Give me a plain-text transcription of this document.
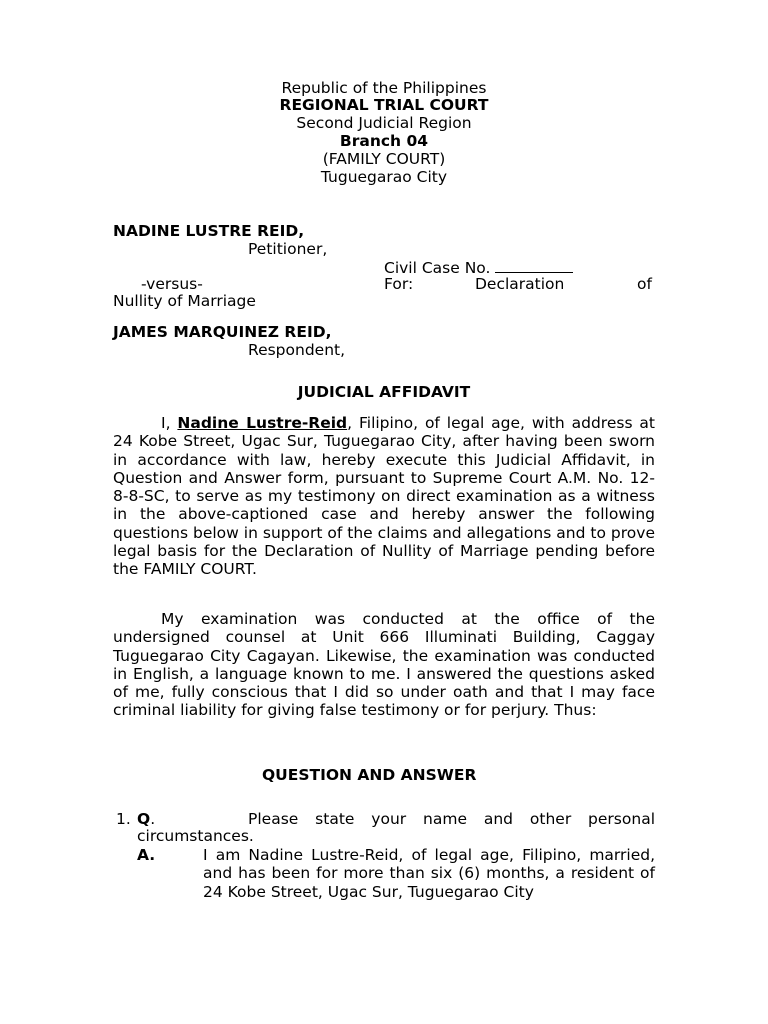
Republic of the Philippines
REGIONAL TRIAL COURT
Second Judicial Region
Branch 04
(FAMILY COURT)
Tuguegarao City
NADINE LUSTRE REID,
Petitioner,
Civil Case No.
-versus-	For:	Declaration	of
Nullity of Marriage
JAMES MARQUINEZ REID,
Respondent,
JUDICIAL AFFIDAVIT
I, Nadine Lustre-Reid, Filipino, of legal age, with address at 24 Kobe Street, Ugac Sur, Tuguegarao City, after having been sworn in accordance with law, hereby execute this Judicial Affidavit, in Question and Answer form, pursuant to Supreme Court A.M. No. 12-8-8-SC, to serve as my testimony on direct examination as a witness in the above-captioned case and hereby answer the following questions below in support of the claims and allegations and to prove legal basis for the Declaration of Nullity of Marriage pending before the FAMILY COURT.
My examination was conducted at the office of the undersigned counsel at Unit 666 Illuminati Building, Caggay Tuguegarao City Cagayan. Likewise, the examination was conducted in English, a language known to me. I answered the questions asked of me, fully conscious that I did so under oath and that I may face criminal liability for giving false testimony or for perjury. Thus:
QUESTION AND ANSWER
1. Q.	Please state your name and other personal
circumstances.
A.	I am Nadine Lustre-Reid, of legal age, Filipino, married, and has been for more than six (6) months, a resident of 24 Kobe Street, Ugac Sur, Tuguegarao City
